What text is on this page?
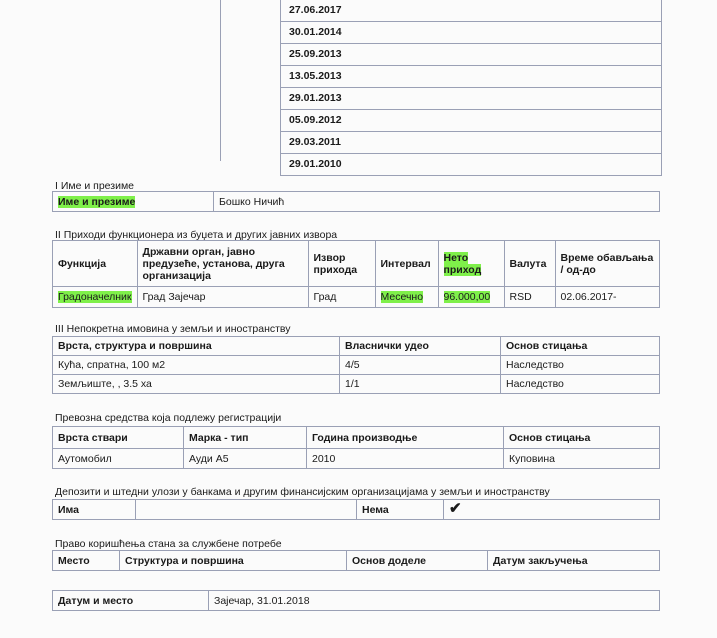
27.06.2017
30.01.2014
25.09.2013
13.05.2013
29.01.2013
05.09.2012
29.03.2011
29.01.2010
I Име и презиме
Име и презиме	Бошко Ничић
II Приходи функционера из буџета и других јавних извора
Функција	Државни орган, јавно предузеће, установа, друга организација	Извор прихода	Интервал	Нето приход	Валута	Време обављања / од-до
Градоначелник	Град Зајечар	Град	Месечно	96.000,00	RSD	02.06.2017-
III Непокретна имовина у земљи и иностранству
Врста, структура и површина	Власнички удео	Основ стицања
Кућа, спратна, 100 м2	4/5	Наследство
Земљиште, , 3.5 ха	1/1	Наследство
Превозна средства која подлежу регистрацији
Врста ствари	Марка - тип	Година производње	Основ стицања
Аутомобил	Ауди А5	2010	Куповина
Депозити и штедни улози у банкама и другим финансијским организацијама у земљи и иностранству
Има		Нема	✔
Право коришћења стана за службене потребе
Место	Структура и површина	Основ доделе	Датум закључења
Датум и место	Зајечар, 31.01.2018
